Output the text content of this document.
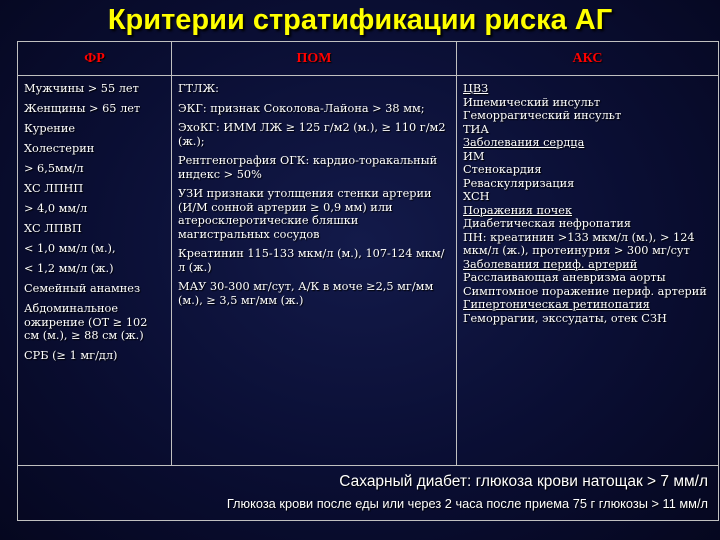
Критерии стратификации риска АГ
ФР	ПОМ	АКС
Мужчины > 55 лет
Женщины > 65 лет
Курение
Холестерин
> 6,5мм/л
ХС ЛПНП
> 4,0 мм/л
ХС ЛПВП
< 1,0 мм/л (м.),
< 1,2 мм/л (ж.)
Семейный анамнез
Абдоминальное ожирение (ОТ ≥ 102 см (м.), ≥ 88 см (ж.)
СРБ (≥ 1 мг/дл)
ГТЛЖ:
ЭКГ: признак Соколова-Лайона > 38 мм;
ЭхоКГ: ИММ ЛЖ ≥ 125 г/м2 (м.), ≥ 110 г/м2 (ж.);
Рентгенография ОГК: кардио-торакальный индекс > 50%
УЗИ признаки утолщения стенки артерии (И/М сонной артерии ≥ 0,9 мм) или атеросклеротические бляшки магистральных сосудов
Креатинин 115-133 мкм/л (м.), 107-124 мкм/л (ж.)
МАУ 30-300 мг/сут, А/К в моче ≥2,5 мг/мм (м.), ≥ 3,5 мг/мм (ж.)
ЦВЗ
Ишемический инсульт
Геморрагический инсульт
ТИА
Заболевания сердца
ИМ
Стенокардия
Реваскуляризация
ХСН
Поражения почек
Диабетическая нефропатия
ПН: креатинин >133 мкм/л (м.), > 124 мкм/л (ж.), протеинурия > 300 мг/сут
Заболевания периф. артерий
Расслаивающая аневризма аорты
Симптомное поражение периф. артерий
Гипертоническая ретинопатия
Геморрагии, экссудаты, отек СЗН
Сахарный диабет: глюкоза крови натощак > 7 мм/л
Глюкоза крови после еды или через 2 часа после приема 75 г глюкозы > 11 мм/л
